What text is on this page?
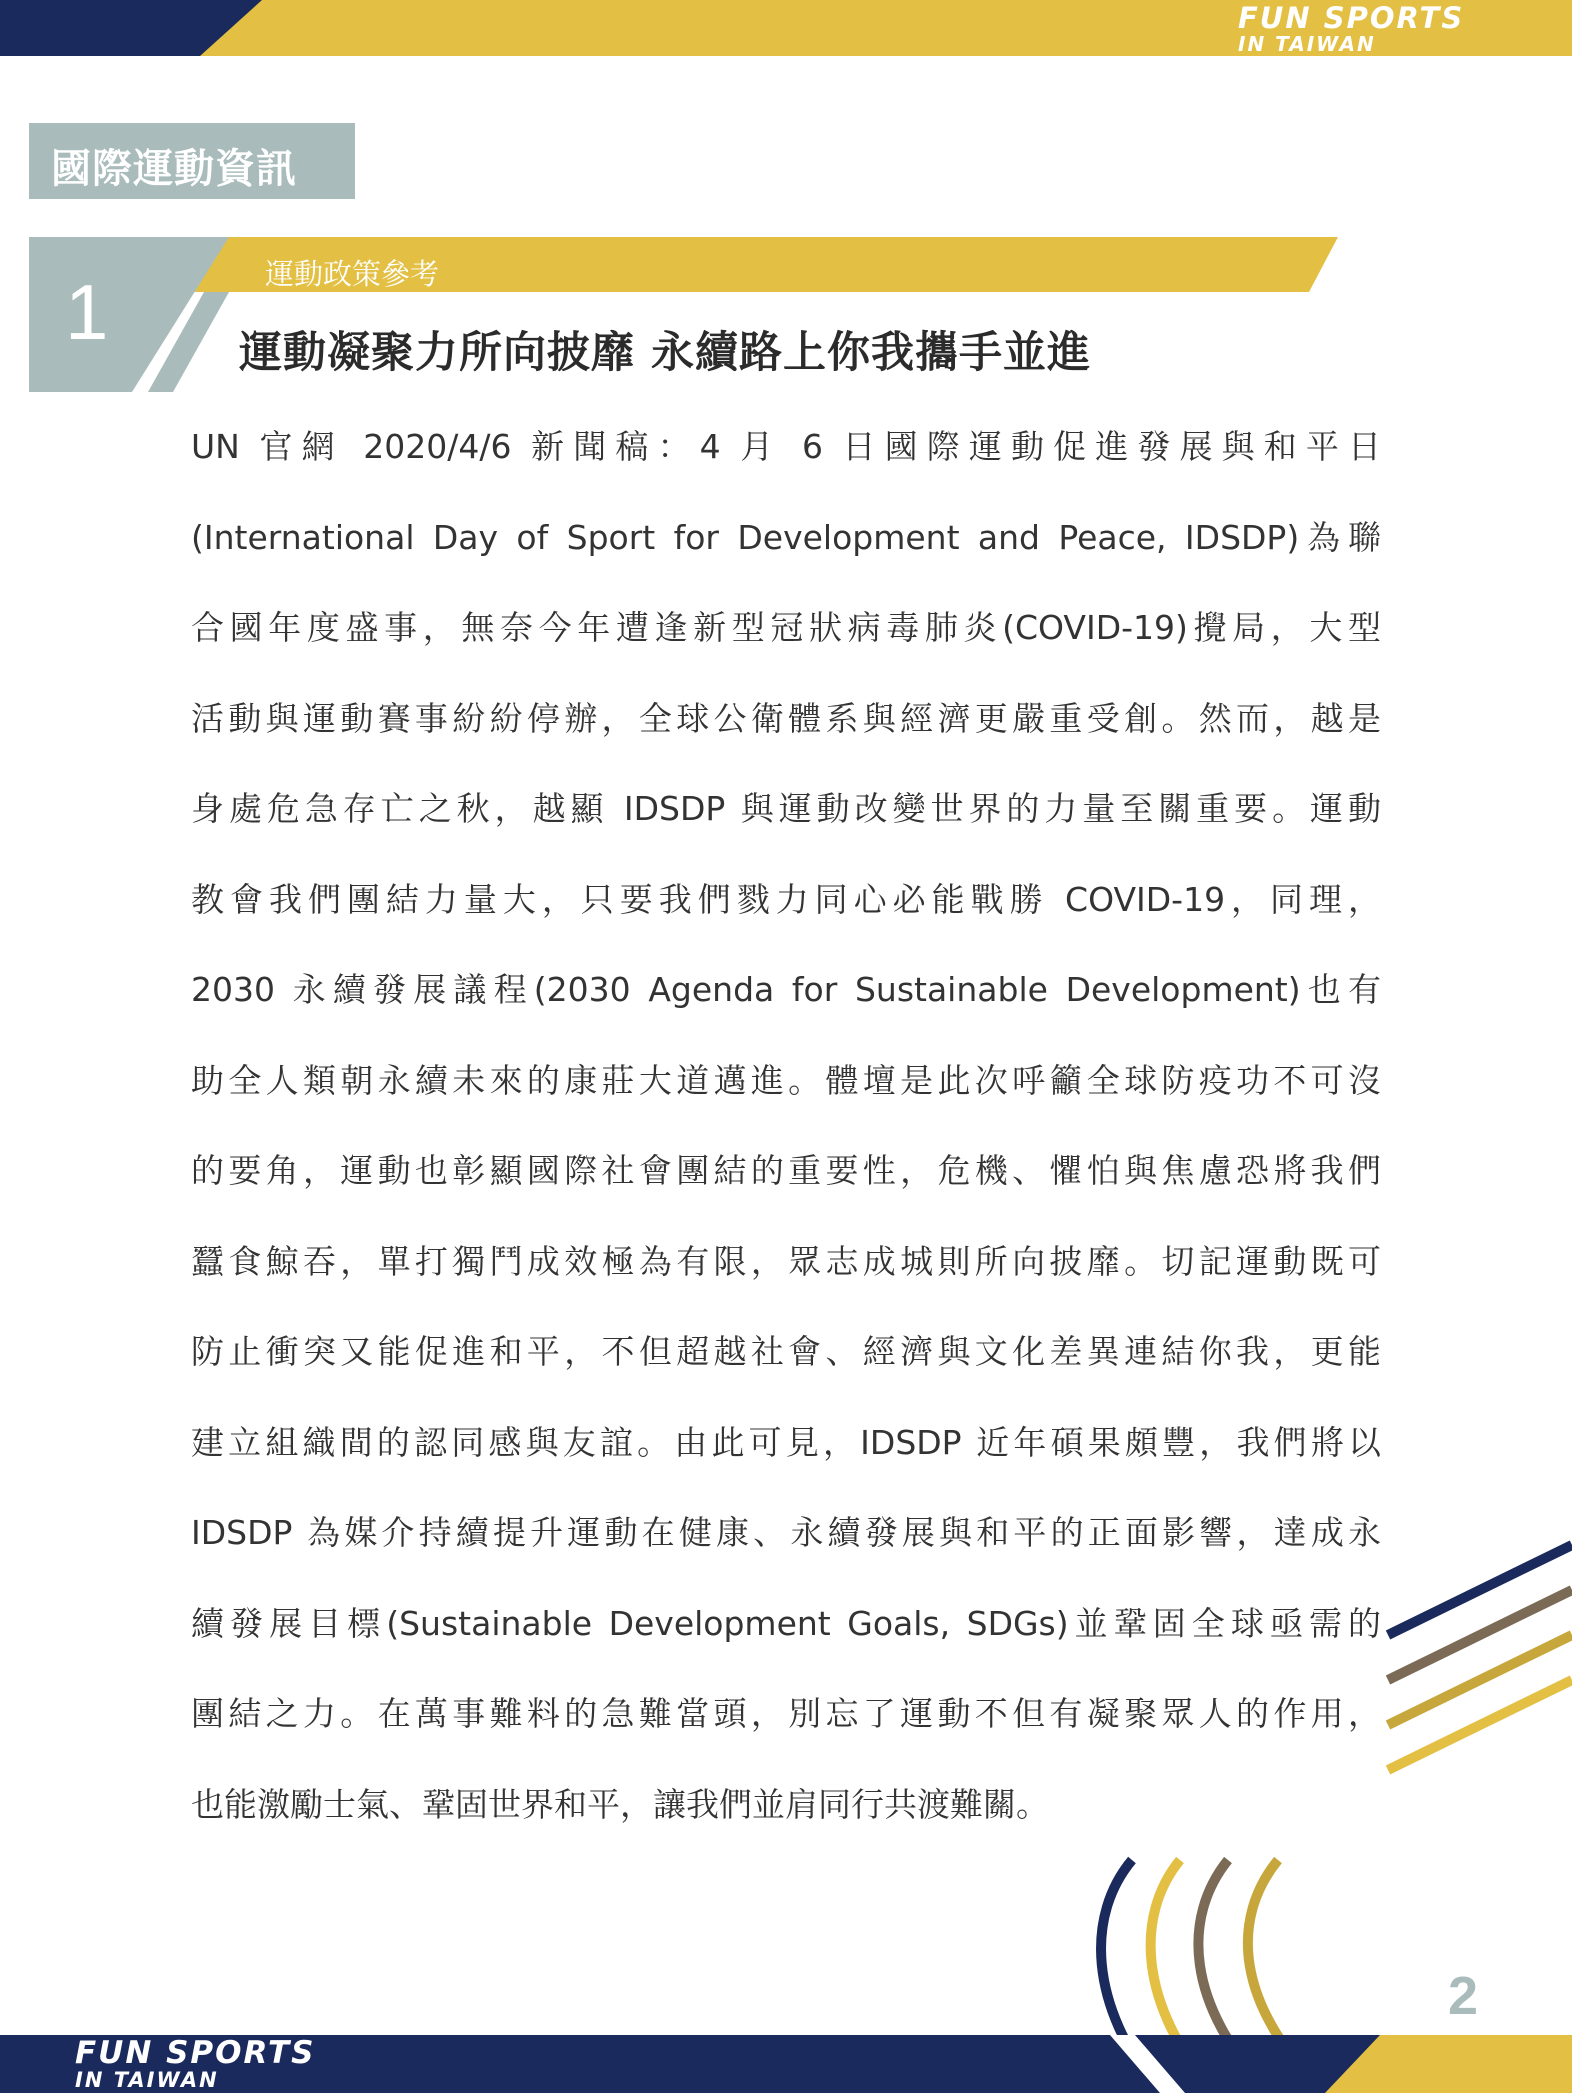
FUN SPORTS
IN TAIWAN
國際運動資訊
1	運動政策參考
運動凝聚力所向披靡 永續路上你我攜手並進
UN 官網 2020/4/6 新聞稿：4 月 6 日國際運動促進發展與和平日
(International Day of Sport for Development and Peace, IDSDP)為聯
合國年度盛事，無奈今年遭逢新型冠狀病毒肺炎(COVID-19)攪局，大型
活動與運動賽事紛紛停辦，全球公衛體系與經濟更嚴重受創。然而，越是
身處危急存亡之秋，越顯 IDSDP 與運動改變世界的力量至關重要。運動
教會我們團結力量大，只要我們戮力同心必能戰勝 COVID-19，同理，
2030 永續發展議程(2030 Agenda for Sustainable Development)也有
助全人類朝永續未來的康莊大道邁進。體壇是此次呼籲全球防疫功不可沒
的要角，運動也彰顯國際社會團結的重要性，危機、懼怕與焦慮恐將我們
蠶食鯨吞，單打獨鬥成效極為有限，眾志成城則所向披靡。切記運動既可
防止衝突又能促進和平，不但超越社會、經濟與文化差異連結你我，更能
建立組織間的認同感與友誼。由此可見，IDSDP 近年碩果頗豐，我們將以
IDSDP 為媒介持續提升運動在健康、永續發展與和平的正面影響，達成永
續發展目標(Sustainable Development Goals, SDGs)並鞏固全球亟需的
團結之力。在萬事難料的急難當頭，別忘了運動不但有凝聚眾人的作用，
也能激勵士氣、鞏固世界和平，讓我們並肩同行共渡難關。
2
FUN SPORTS
IN TAIWAN
